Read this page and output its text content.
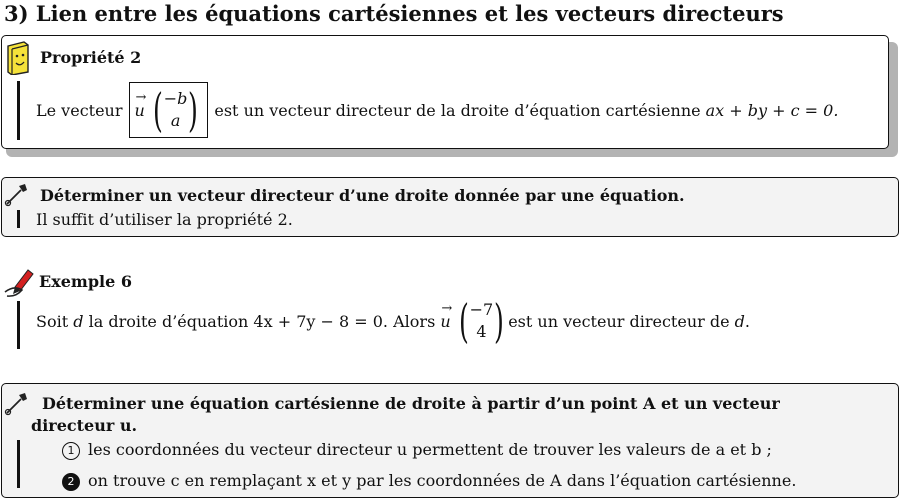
3) Lien entre les équations cartésiennes et les vecteurs directeurs
Propriété 2
Le vecteur
→
u ( −b
a ) est un vecteur directeur de la droite d’équation cartésienne ax + by + c = 0.
Déterminer un vecteur directeur d’une droite donnée par une équation.
Il suffit d’utiliser la propriété 2.
Exemple 6
Soit
d
la droite d’équation
4x + 7y − 8 = 0.
Alors

→
u ( −7
4 ) est un vecteur directeur de
d .
Déterminer une équation cartésienne de droite à partir d’un point A et un vecteur
directeur u.
1 les coordonnées du vecteur directeur u permettent de trouver les valeurs de a et b ;
2 on trouve c en remplaçant x et y par les coordonnées de A dans l’équation cartésienne.
